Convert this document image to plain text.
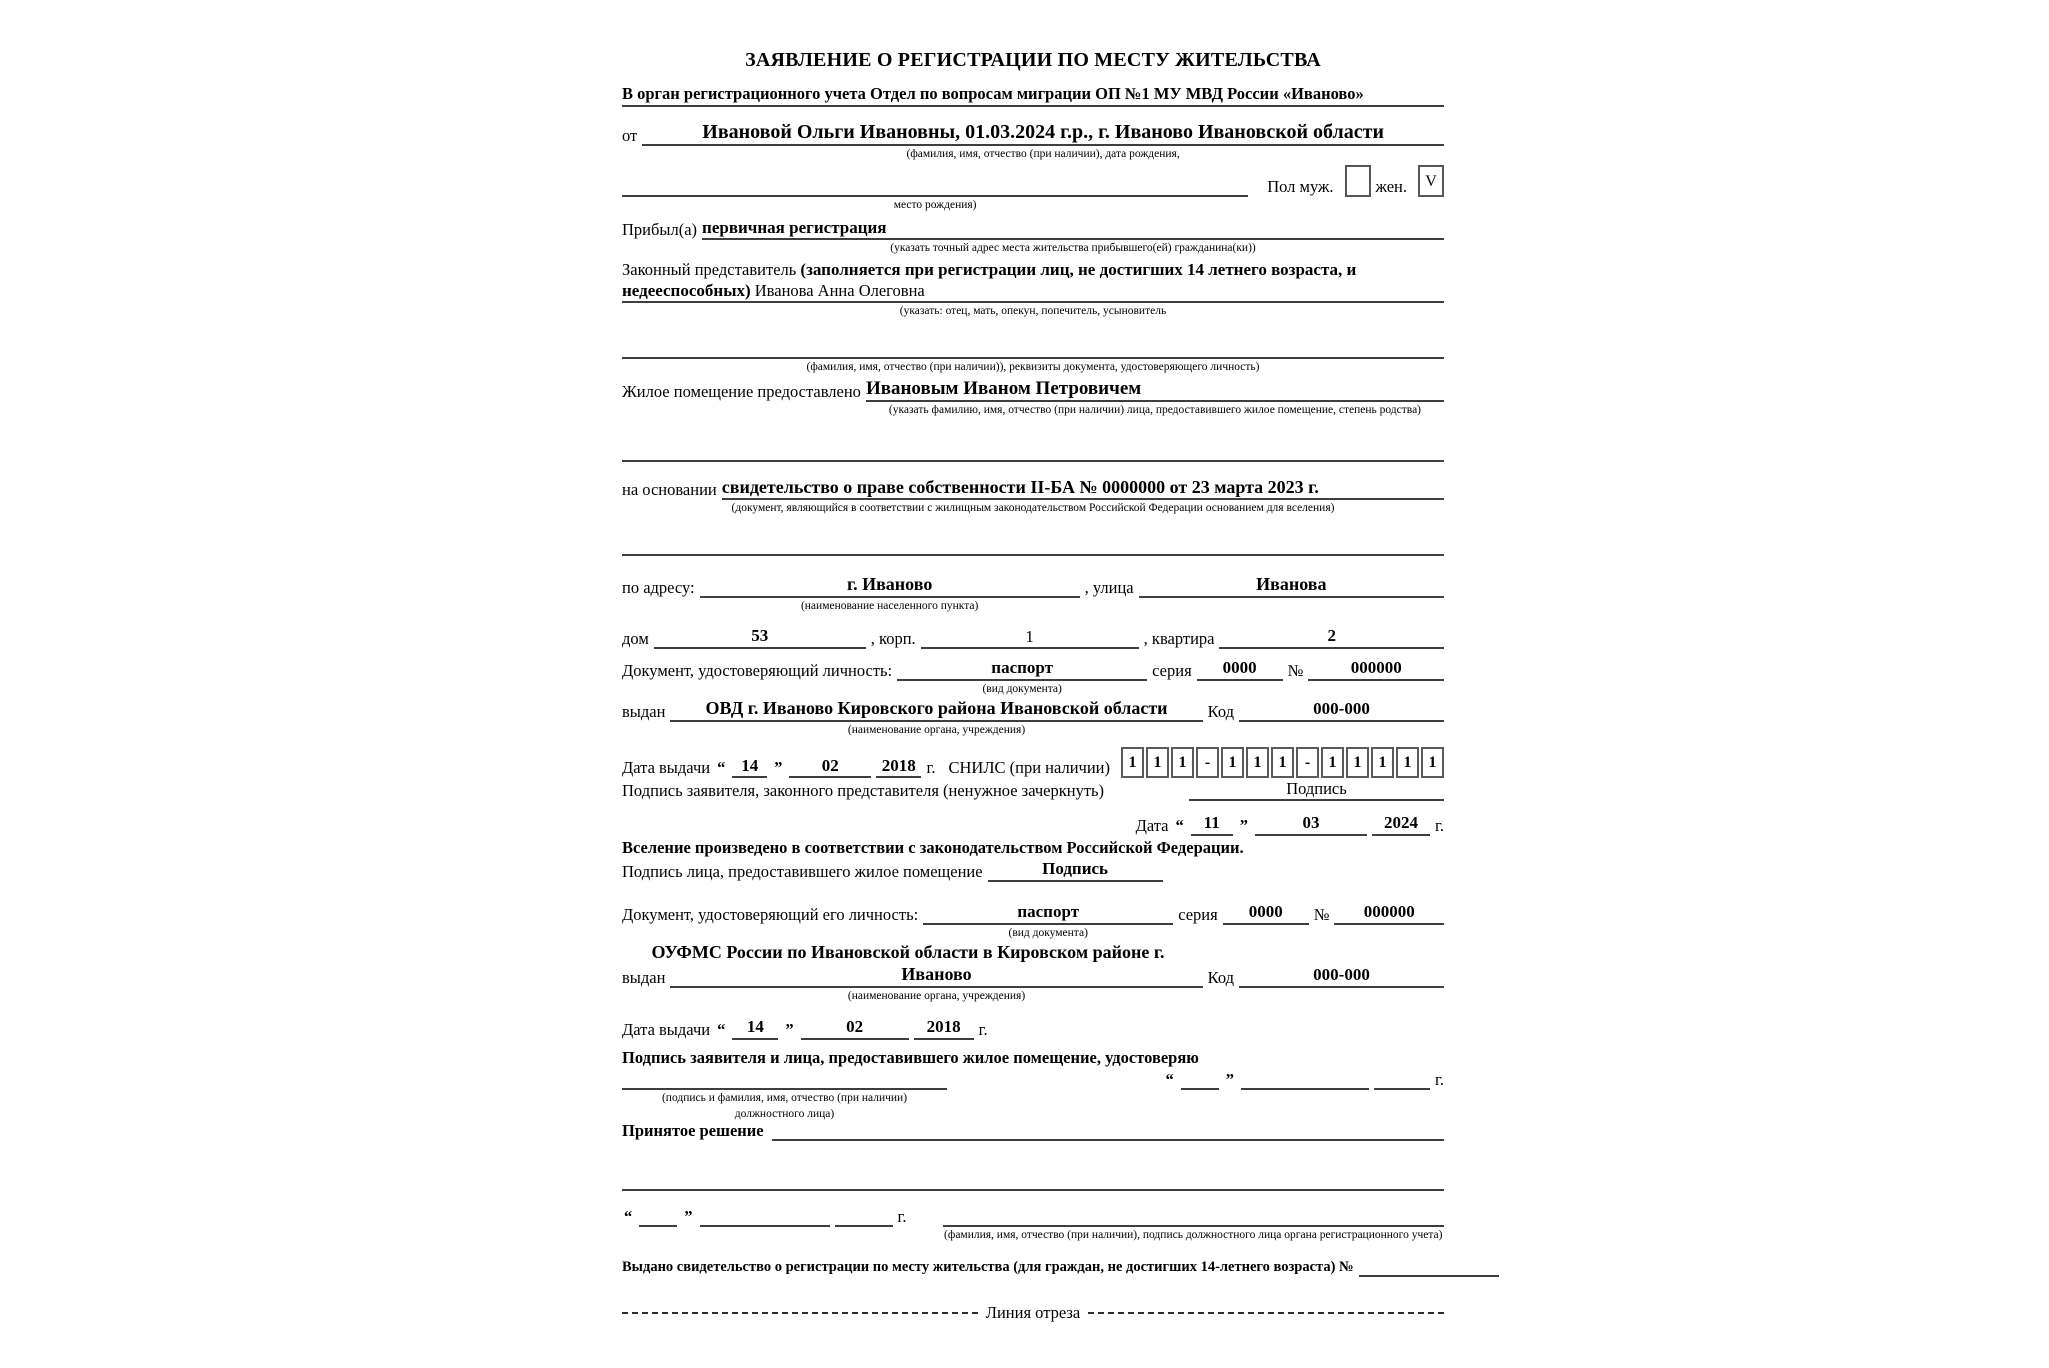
ЗАЯВЛЕНИЕ О РЕГИСТРАЦИИ ПО МЕСТУ ЖИТЕЛЬСТВА
В орган регистрационного учета Отдел по вопросам миграции ОП №1 МУ МВД России «Иваново»
от	Ивановой Ольги Ивановны, 01.03.2024 г.р., г. Иваново Ивановской области
(фамилия, имя, отчество (при наличии), дата рождения,
Пол муж.	жен. V
место рождения)
Прибыл(а) первичная регистрация
(указать точный адрес места жительства прибывшего(ей) гражданина(ки))
Законный представитель (заполняется при регистрации лиц, не достигших 14 летнего возраста, и
недееспособных) Иванова Анна Олеговна
(указать: отец, мать, опекун, попечитель, усыновитель
(фамилия, имя, отчество (при наличии)), реквизиты документа, удостоверяющего личность)
Жилое помещение предоставлено Ивановым Иваном Петровичем
(указать фамилию, имя, отчество (при наличии) лица, предоставившего жилое помещение, степень родства)
на основании свидетельство о праве собственности II-БА № 0000000 от 23 марта 2023 г.
(документ, являющийся в соответствии с жилищным законодательством Российской Федерации основанием для вселения)
по адресу:	г. Иваново	, улица	Иванова
(наименование населенного пункта)
дом	53	, корп.	1	, квартира	2
Документ, удостоверяющий личность:	паспорт	серия	0000	№	000000
(вид документа)
выдан	ОВД г. Иваново Кировского района Ивановской области	Код	000-000
(наименование органа, учреждения)
Дата выдачи “ 14 ”	02	2018 г. СНИЛС (при наличии)	1	1	1	-	1	1	1	-	1	1	1	1	1
Подпись заявителя, законного представителя (ненужное зачеркнуть)	Подпись
Дата “	11	”	03	2024	г.
Вселение произведено в соответствии с законодательством Российской Федерации.
Подпись лица, предоставившего жилое помещение	Подпись
Документ, удостоверяющий его личность:	паспорт	серия	0000	№	000000
(вид документа)
ОУФМС России по Ивановской области в Кировском районе г.
выдан	Иваново	Код	000-000
(наименование органа, учреждения)
Дата выдачи “	14	”	02	2018	г.
Подпись заявителя и лица, предоставившего жилое помещение, удостоверяю
“	”	г.
(подпись и фамилия, имя, отчество (при наличии)
должностного лица)
Принятое решение
“	”	г.
(фамилия, имя, отчество (при наличии), подпись должностного лица органа регистрационного учета)
Выдано свидетельство о регистрации по месту жительства (для граждан, не достигших 14-летнего возраста) №
Линия отреза
